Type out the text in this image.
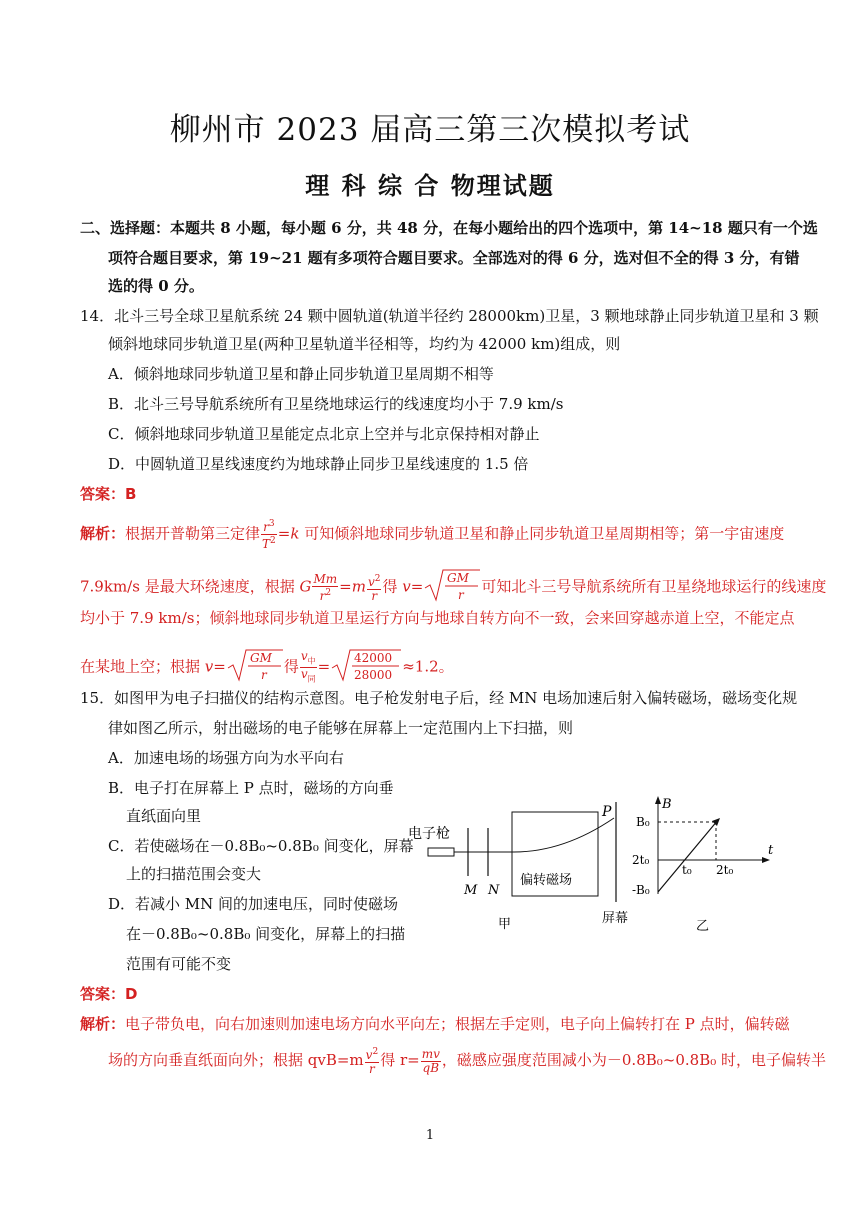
柳州市 2023 届高三第三次模拟考试
理 科 综 合 物理试题
二、选择题：本题共 8 小题，每小题 6 分，共 48 分，在每小题给出的四个选项中，第 14~18 题只有一个选
项符合题目要求，第 19~21 题有多项符合题目要求。全部选对的得 6 分，选对但不全的得 3 分，有错
选的得 0 分。
14．北斗三号全球卫星航系统 24 颗中圆轨道(轨道半径约 28000km)卫星，3 颗地球静止同步轨道卫星和 3 颗
倾斜地球同步轨道卫星(两种卫星轨道半径相等，均约为 42000 km)组成，则
A．倾斜地球同步轨道卫星和静止同步轨道卫星周期不相等
B．北斗三号导航系统所有卫星绕地球运行的线速度均小于 7.9 km/s
C．倾斜地球同步轨道卫星能定点北京上空并与北京保持相对静止
D．中圆轨道卫星线速度约为地球静止同步卫星线速度的 1.5 倍
答案：B
解析：根据开普勒第三定律 $\frac{r^3}{T^2} =k$ 可知倾斜地球同步轨道卫星和静止同步轨道卫星周期相等；第一宇宙速度
7.9km/s 是最大环绕速度，根据 G $\frac{Mm}{r^2} =m \frac{v^2}{r}$ 得 v= GM
r 可知北斗三号导航系统所有卫星绕地球运行的线速度
均小于 7.9 km/s；倾斜地球同步轨道卫星运行方向与地球自转方向不一致，会来回穿越赤道上空，不能定点
在某地上空；根据 v= GM
r 得 $\frac{v_中}{v_同} = 42000$
28000 ≈1.2。
15．如图甲为电子扫描仪的结构示意图。电子枪发射电子后，经 MN 电场加速后射入偏转磁场，磁场变化规
律如图乙所示，射出磁场的电子能够在屏幕上一定范围内上下扫描，则
A．加速电场的场强方向为水平向右
B．电子打在屏幕上 P 点时，磁场的方向垂
直纸面向里
C．若使磁场在－0.8B₀~0.8B₀ 间变化，屏幕
上的扫描范围会变大
D．若减小 MN 间的加速电压，同时使磁场
在－0.8B₀~0.8B₀ 间变化，屏幕上的扫描
范围有可能不变
电子枪
M N
偏转磁场
P
屏幕
甲
B
t
B₀
2t₀
-B₀
t₀ 2t₀
乙
答案：D
解析：电子带负电，向右加速则加速电场方向水平向左；根据左手定则，电子向上偏转打在 P 点时，偏转磁
场的方向垂直纸面向外；根据 $qvB=m \frac{v^2}{r}$ 得 $r= \frac{mv}{qB}$ ，磁感应强度范围减小为－0.8B₀~0.8B₀ 时，电子偏转半
1
